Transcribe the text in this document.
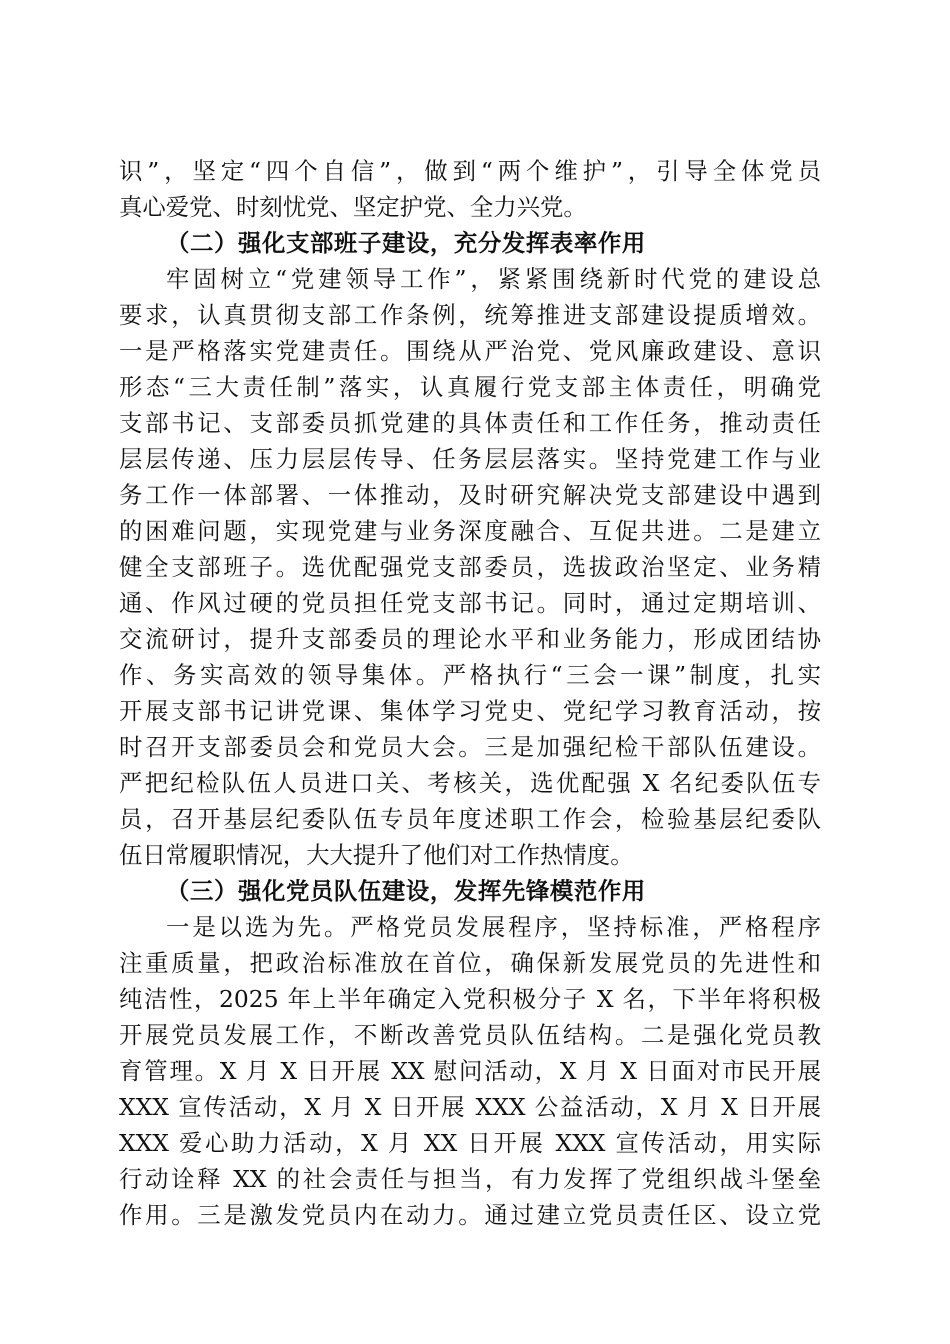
识”，坚定“四个自信”，做到“两个维护”，引导全体党员
真心爱党、时刻忧党、坚定护党、全力兴党。
（二）强化支部班子建设，充分发挥表率作用
牢固树立“党建领导工作”，紧紧围绕新时代党的建设总
要求，认真贯彻支部工作条例，统筹推进支部建设提质增效。
一是严格落实党建责任。围绕从严治党、党风廉政建设、意识
形态“三大责任制”落实，认真履行党支部主体责任，明确党
支部书记、支部委员抓党建的具体责任和工作任务，推动责任
层层传递、压力层层传导、任务层层落实。坚持党建工作与业
务工作一体部署、一体推动，及时研究解决党支部建设中遇到
的困难问题，实现党建与业务深度融合、互促共进。二是建立
健全支部班子。选优配强党支部委员，选拔政治坚定、业务精
通、作风过硬的党员担任党支部书记。同时，通过定期培训、
交流研讨，提升支部委员的理论水平和业务能力，形成团结协
作、务实高效的领导集体。严格执行“三会一课”制度，扎实
开展支部书记讲党课、集体学习党史、党纪学习教育活动，按
时召开支部委员会和党员大会。三是加强纪检干部队伍建设。
严把纪检队伍人员进口关、考核关，选优配强 X 名纪委队伍专
员，召开基层纪委队伍专员年度述职工作会，检验基层纪委队
伍日常履职情况，大大提升了他们对工作热情度。
（三）强化党员队伍建设，发挥先锋模范作用
一是以选为先。严格党员发展程序，坚持标准，严格程序
注重质量，把政治标准放在首位，确保新发展党员的先进性和
纯洁性，2025 年上半年确定入党积极分子 X 名，下半年将积极
开展党员发展工作，不断改善党员队伍结构。二是强化党员教
育管理。X 月 X 日开展 XX 慰问活动，X 月 X 日面对市民开展
XXX 宣传活动，X 月 X 日开展 XXX 公益活动，X 月 X 日开展
XXX 爱心助力活动，X 月 XX 日开展 XXX 宣传活动，用实际
行动诠释 XX 的社会责任与担当，有力发挥了党组织战斗堡垒
作用。三是激发党员内在动力。通过建立党员责任区、设立党
